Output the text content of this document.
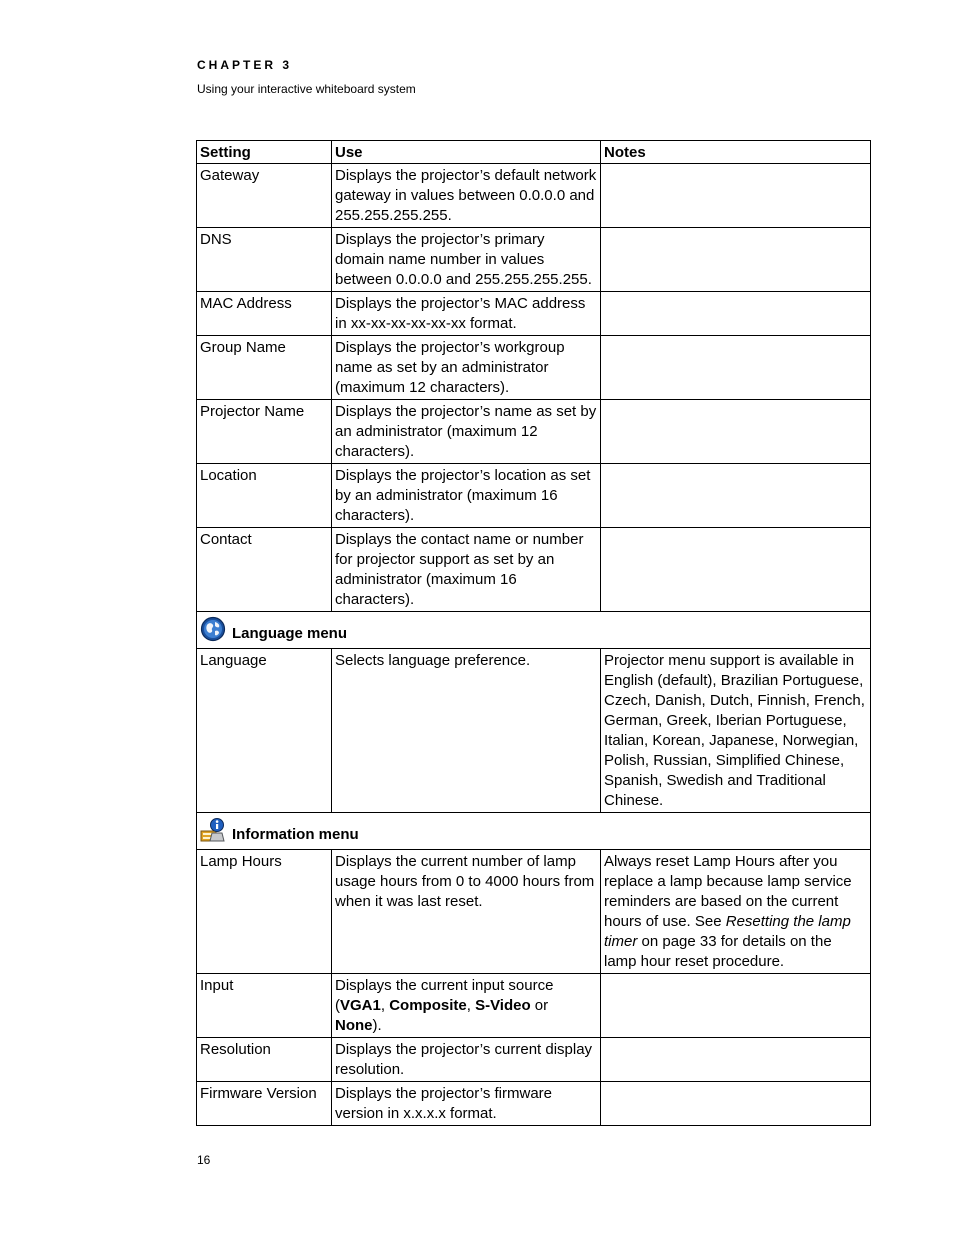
CHAPTER 3
Using your interactive whiteboard system
Setting	Use	Notes
Gateway	Displays the projector’s default network gateway in values between 0.0.0.0 and 255.255.255.255.	
DNS	Displays the projector’s primary domain name number in values between 0.0.0.0 and 255.255.255.255.	
MAC Address	Displays the projector’s MAC address in xx-xx-xx-xx-xx-xx format.	
Group Name	Displays the projector’s workgroup name as set by an administrator (maximum 12 characters).	
Projector Name	Displays the projector’s name as set by an administrator (maximum 12 characters).	
Location	Displays the projector’s location as set by an administrator (maximum 16 characters).	
Contact	Displays the contact name or number for projector support as set by an administrator (maximum 16 characters).	
Language menu		
Language	Selects language preference.	Projector menu support is available in English (default), Brazilian Portuguese, Czech, Danish, Dutch, Finnish, French, German, Greek, Iberian Portuguese, Italian, Korean, Japanese, Norwegian, Polish, Russian, Simplified Chinese, Spanish, Swedish and Traditional Chinese.
Information menu		
Lamp Hours	Displays the current number of lamp usage hours from 0 to 4000 hours from when it was last reset.	Always reset Lamp Hours after you replace a lamp because lamp service reminders are based on the current hours of use. See Resetting the lamp timer on page 33 for details on the lamp hour reset procedure.
Input	Displays the current input source (VGA1, Composite, S-Video or None).	
Resolution	Displays the projector’s current display resolution.	
Firmware Version	Displays the projector’s firmware version in x.x.x.x format.	
16
